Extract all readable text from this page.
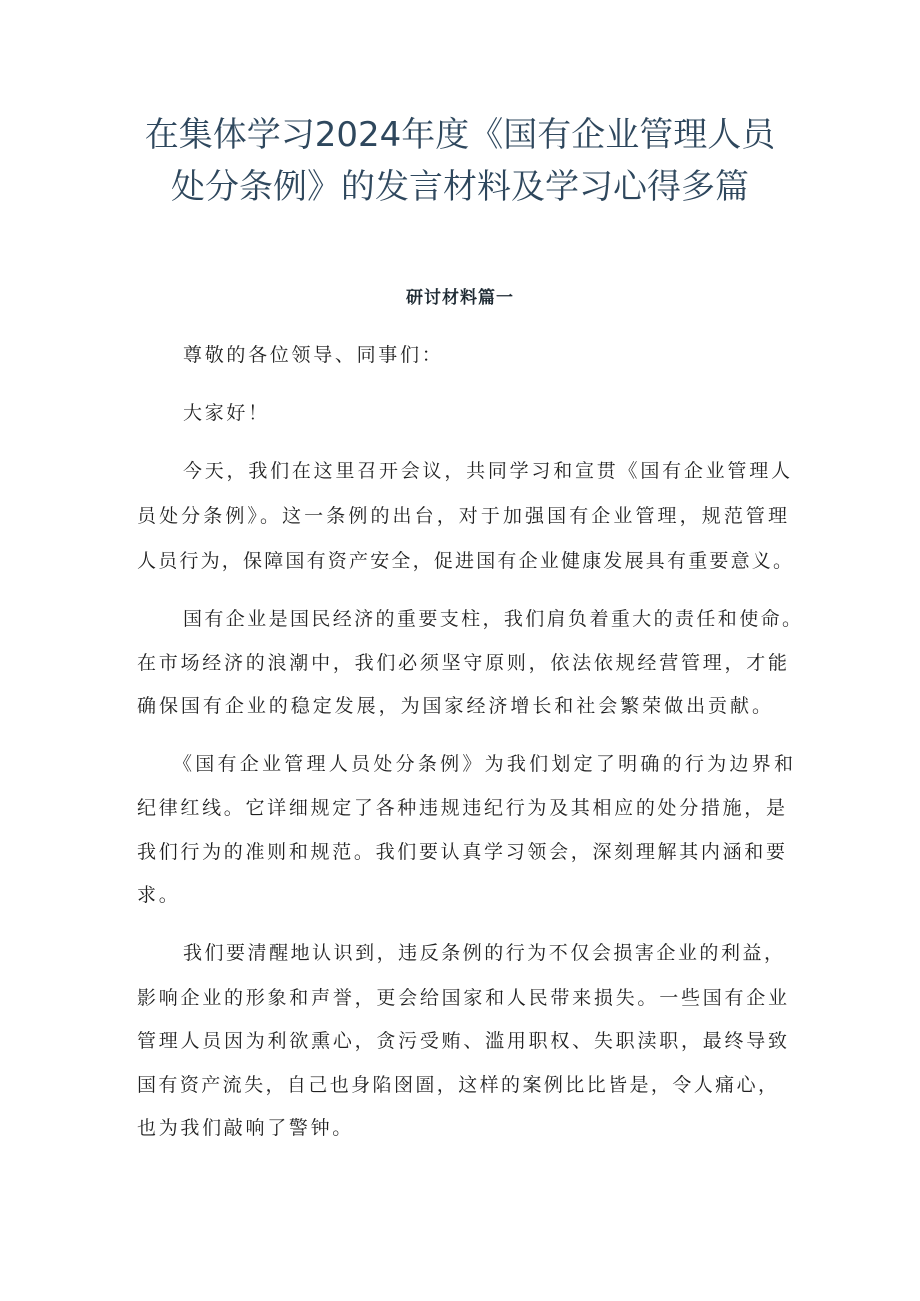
在集体学习2024年度《国有企业管理人员
处分条例》的发言材料及学习心得多篇
研讨材料篇一
尊敬的各位领导、同事们：
大家好！
今天，我们在这里召开会议，共同学习和宣贯《国有企业管理人
员处分条例》。这一条例的出台，对于加强国有企业管理，规范管理
人员行为，保障国有资产安全，促进国有企业健康发展具有重要意义。
国有企业是国民经济的重要支柱，我们肩负着重大的责任和使命。
在市场经济的浪潮中，我们必须坚守原则，依法依规经营管理，才能
确保国有企业的稳定发展，为国家经济增长和社会繁荣做出贡献。
《国有企业管理人员处分条例》为我们划定了明确的行为边界和
纪律红线。它详细规定了各种违规违纪行为及其相应的处分措施，是
我们行为的准则和规范。我们要认真学习领会，深刻理解其内涵和要
求。
我们要清醒地认识到，违反条例的行为不仅会损害企业的利益，
影响企业的形象和声誉，更会给国家和人民带来损失。一些国有企业
管理人员因为利欲熏心，贪污受贿、滥用职权、失职渎职，最终导致
国有资产流失，自己也身陷囹圄，这样的案例比比皆是，令人痛心，
也为我们敲响了警钟。
